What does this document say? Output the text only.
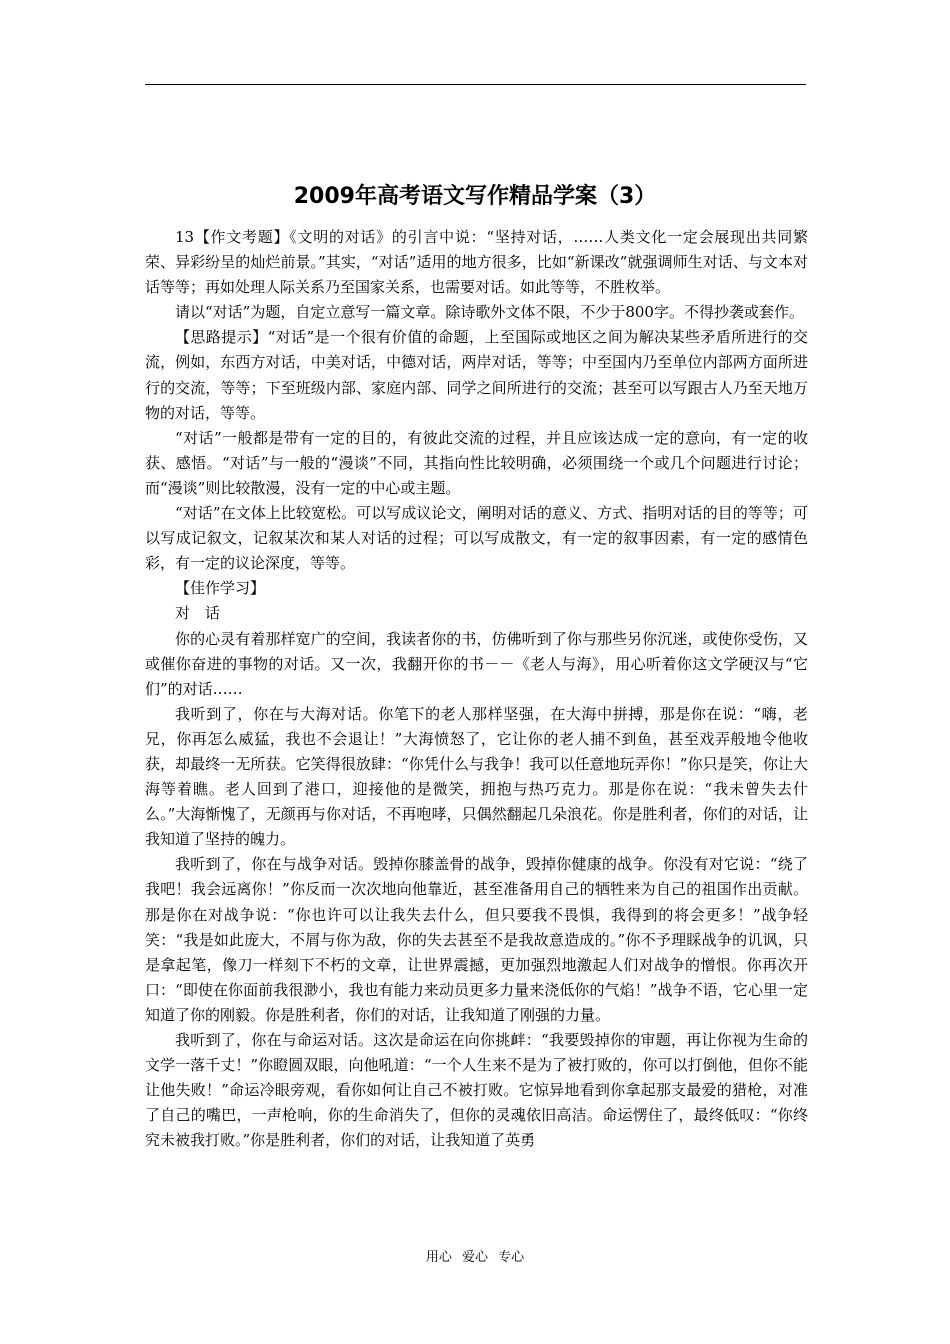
2009年高考语文写作精品学案（3）

13【作文考题】《文明的对话》的引言中说：“坚持对话，……人类文化一定会展现出共同繁荣、异彩纷呈的灿烂前景。”其实，“对话”适用的地方很多，比如“新课改”就强调师生对话、与文本对话等等；再如处理人际关系乃至国家关系，也需要对话。如此等等，不胜枚举。

请以“对话”为题，自定立意写一篇文章。除诗歌外文体不限，不少于800字。不得抄袭或套作。

【思路提示】“对话”是一个很有价值的命题，上至国际或地区之间为解决某些矛盾所进行的交流，例如，东西方对话，中美对话，中德对话，两岸对话，等等；中至国内乃至单位内部两方面所进行的交流，等等；下至班级内部、家庭内部、同学之间所进行的交流；甚至可以写跟古人乃至天地万物的对话，等等。

“对话”一般都是带有一定的目的，有彼此交流的过程，并且应该达成一定的意向，有一定的收获、感悟。“对话”与一般的“漫谈”不同，其指向性比较明确，必须围绕一个或几个问题进行讨论；而“漫谈”则比较散漫，没有一定的中心或主题。

“对话”在文体上比较宽松。可以写成议论文，阐明对话的意义、方式、指明对话的目的等等；可以写成记叙文，记叙某次和某人对话的过程；可以写成散文，有一定的叙事因素，有一定的感情色彩，有一定的议论深度，等等。

【佳作学习】

对　话

你的心灵有着那样宽广的空间，我读者你的书，仿佛听到了你与那些另你沉迷，或使你受伤，又或催你奋进的事物的对话。又一次，我翻开你的书－－《老人与海》，用心听着你这文学硬汉与“它们”的对话……

我听到了，你在与大海对话。你笔下的老人那样坚强，在大海中拼搏，那是你在说：“嗨，老兄，你再怎么威猛，我也不会退让！”大海愤怒了，它让你的老人捕不到鱼，甚至戏弄般地令他收获，却最终一无所获。它笑得很放肆：“你凭什么与我争！我可以任意地玩弄你！”你只是笑，你让大海等着瞧。老人回到了港口，迎接他的是微笑，拥抱与热巧克力。那是你在说：“我未曾失去什么。”大海惭愧了，无颜再与你对话，不再咆哮，只偶然翻起几朵浪花。你是胜利者，你们的对话，让我知道了坚持的魄力。

我听到了，你在与战争对话。毁掉你膝盖骨的战争，毁掉你健康的战争。你没有对它说：“绕了我吧！我会远离你！”你反而一次次地向他靠近，甚至准备用自己的牺牲来为自己的祖国作出贡献。那是你在对战争说：“你也许可以让我失去什么，但只要我不畏惧，我得到的将会更多！”战争轻笑：“我是如此庞大，不屑与你为敌，你的失去甚至不是我故意造成的。”你不予理睬战争的讥讽，只是拿起笔，像刀一样刻下不朽的文章，让世界震撼，更加强烈地激起人们对战争的憎恨。你再次开口：“即使在你面前我很渺小，我也有能力来动员更多力量来浇低你的气焰！”战争不语，它心里一定知道了你的刚毅。你是胜利者，你们的对话，让我知道了刚强的力量。

我听到了，你在与命运对话。这次是命运在向你挑衅：“我要毁掉你的审题，再让你视为生命的文学一落千丈！”你瞪圆双眼，向他吼道：“一个人生来不是为了被打败的，你可以打倒他，但你不能让他失败！”命运冷眼旁观，看你如何让自己不被打败。它惊异地看到你拿起那支最爱的猎枪，对准了自己的嘴巴，一声枪响，你的生命消失了，但你的灵魂依旧高洁。命运愣住了，最终低叹：“你终究未被我打败。”你是胜利者，你们的对话，让我知道了英勇

用心 爱心 专心
